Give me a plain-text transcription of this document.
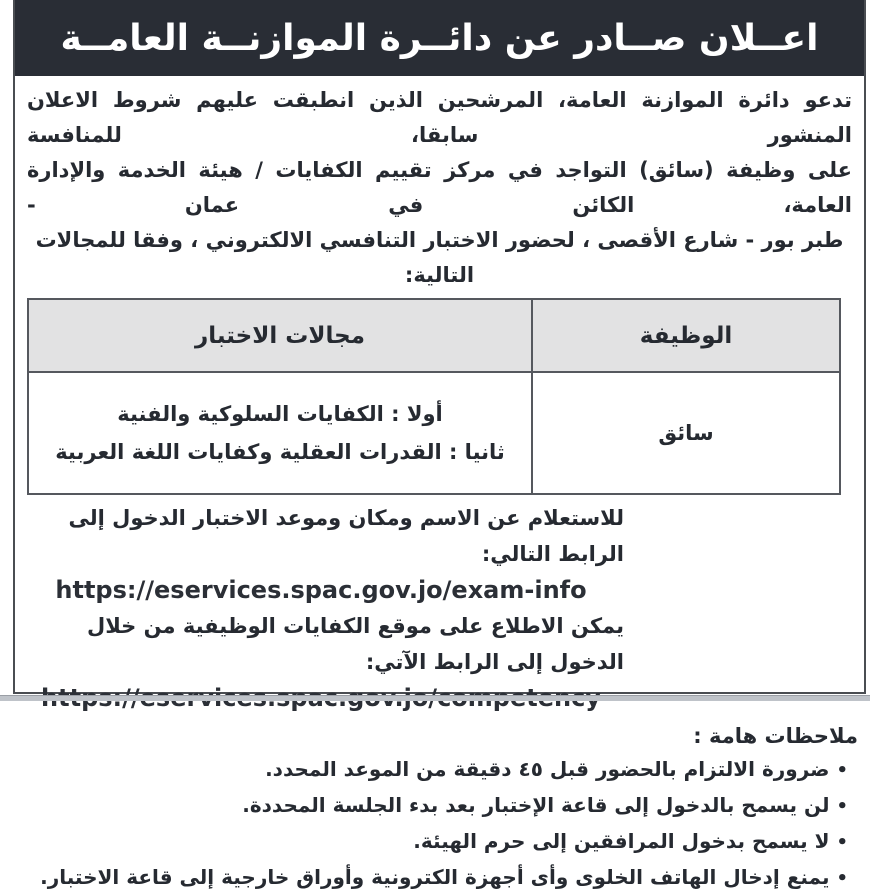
اعــلان صــادر عن دائــرة الموازنــة العامــة
تدعو دائرة الموازنة العامة، المرشحين الذين انطبقت عليهم شروط الاعلان المنشور سابقا، للمنافسة
على وظيفة (سائق) التواجد في مركز تقييم الكفايات / هيئة الخدمة والإدارة العامة، الكائن في عمان -
طبر بور - شارع الأقصى ، لحضور الاختبار التنافسي الالكتروني ، وفقا للمجالات التالية:
الوظيفة	مجالات الاختبار
سائق	أولا : الكفايات السلوكية والفنية
ثانيا : القدرات العقلية وكفايات اللغة العربية
للاستعلام عن الاسم ومكان وموعد الاختبار الدخول إلى الرابط التالي:
https://eservices.spac.gov.jo/exam-info
يمكن الاطلاع على موقع الكفايات الوظيفية من خلال الدخول إلى الرابط الآتي:
ملاحظات هامة :
•ضرورة الالتزام بالحضور قبل ٤٥ دقيقة من الموعد المحدد.
•لن يسمح بالدخول إلى قاعة الإختبار بعد بدء الجلسة المحددة.
•لا يسمح بدخول المرافقين إلى حرم الهيئة.
•يمنع إدخال الهاتف الخلوى وأى أجهزة الكترونية وأوراق خارجية إلى قاعة الاختبار.
